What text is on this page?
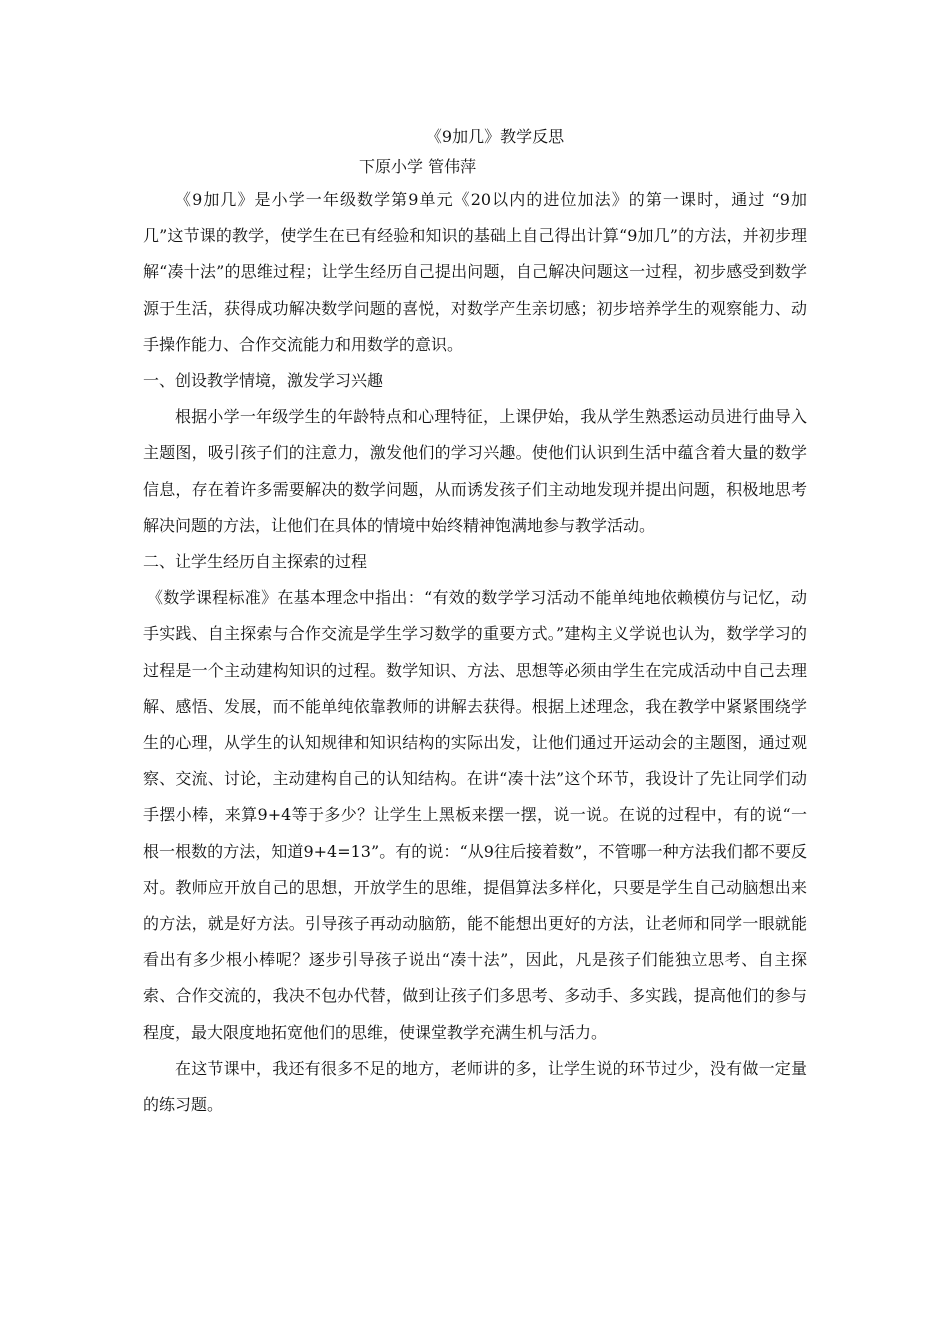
《9加几》教学反思

下原小学 管伟萍

《9加几》是小学一年级数学第9单元《20以内的进位加法》的第一课时，通过 “9加几”这节课的教学，使学生在已有经验和知识的基础上自己得出计算“9加几”的方法，并初步理解“凑十法”的思维过程；让学生经历自己提出问题，自己解决问题这一过程，初步感受到数学源于生活，获得成功解决数学问题的喜悦，对数学产生亲切感；初步培养学生的观察能力、动手操作能力、合作交流能力和用数学的意识。

一、创设教学情境，激发学习兴趣

根据小学一年级学生的年龄特点和心理特征，上课伊始，我从学生熟悉运动员进行曲导入主题图，吸引孩子们的注意力，激发他们的学习兴趣。使他们认识到生活中蕴含着大量的数学信息，存在着许多需要解决的数学问题，从而诱发孩子们主动地发现并提出问题，积极地思考解决问题的方法，让他们在具体的情境中始终精神饱满地参与教学活动。

二、让学生经历自主探索的过程

《数学课程标准》在基本理念中指出：“有效的数学学习活动不能单纯地依赖模仿与记忆，动手实践、自主探索与合作交流是学生学习数学的重要方式。”建构主义学说也认为，数学学习的过程是一个主动建构知识的过程。数学知识、方法、思想等必须由学生在完成活动中自己去理解、感悟、发展，而不能单纯依靠教师的讲解去获得。根据上述理念，我在教学中紧紧围绕学生的心理，从学生的认知规律和知识结构的实际出发，让他们通过开运动会的主题图，通过观察、交流、讨论，主动建构自己的认知结构。在讲“凑十法”这个环节，我设计了先让同学们动手摆小棒，来算9+4等于多少？让学生上黑板来摆一摆，说一说。在说的过程中，有的说“一根一根数的方法，知道9+4=13”。有的说：“从9往后接着数”，不管哪一种方法我们都不要反对。教师应开放自己的思想，开放学生的思维，提倡算法多样化，只要是学生自己动脑想出来的方法，就是好方法。引导孩子再动动脑筋，能不能想出更好的方法，让老师和同学一眼就能看出有多少根小棒呢？逐步引导孩子说出“凑十法”，因此，凡是孩子们能独立思考、自主探索、合作交流的，我决不包办代替，做到让孩子们多思考、多动手、多实践，提高他们的参与程度，最大限度地拓宽他们的思维，使课堂教学充满生机与活力。

在这节课中，我还有很多不足的地方，老师讲的多，让学生说的环节过少，没有做一定量的练习题。
